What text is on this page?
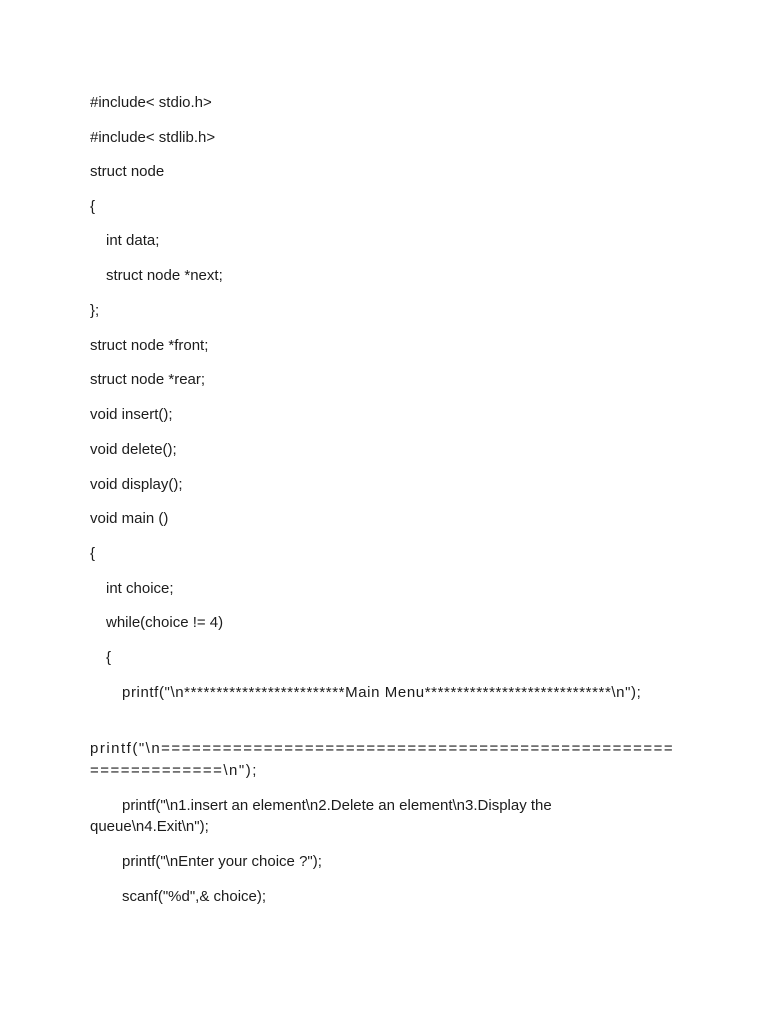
#include< stdio.h>
#include< stdlib.h>
struct node
{
int data;
struct node *next;
};
struct node *front;
struct node *rear;
void insert();
void delete();
void display();
void main ()
{
int choice;
while(choice != 4)
{
printf("\n*************************Main Menu*****************************\n");
printf("\n==================================================
=============\n");
printf("\n1.insert an element\n2.Delete an element\n3.Display the
queue\n4.Exit\n");
printf("\nEnter your choice ?");
scanf("%d",& choice);
